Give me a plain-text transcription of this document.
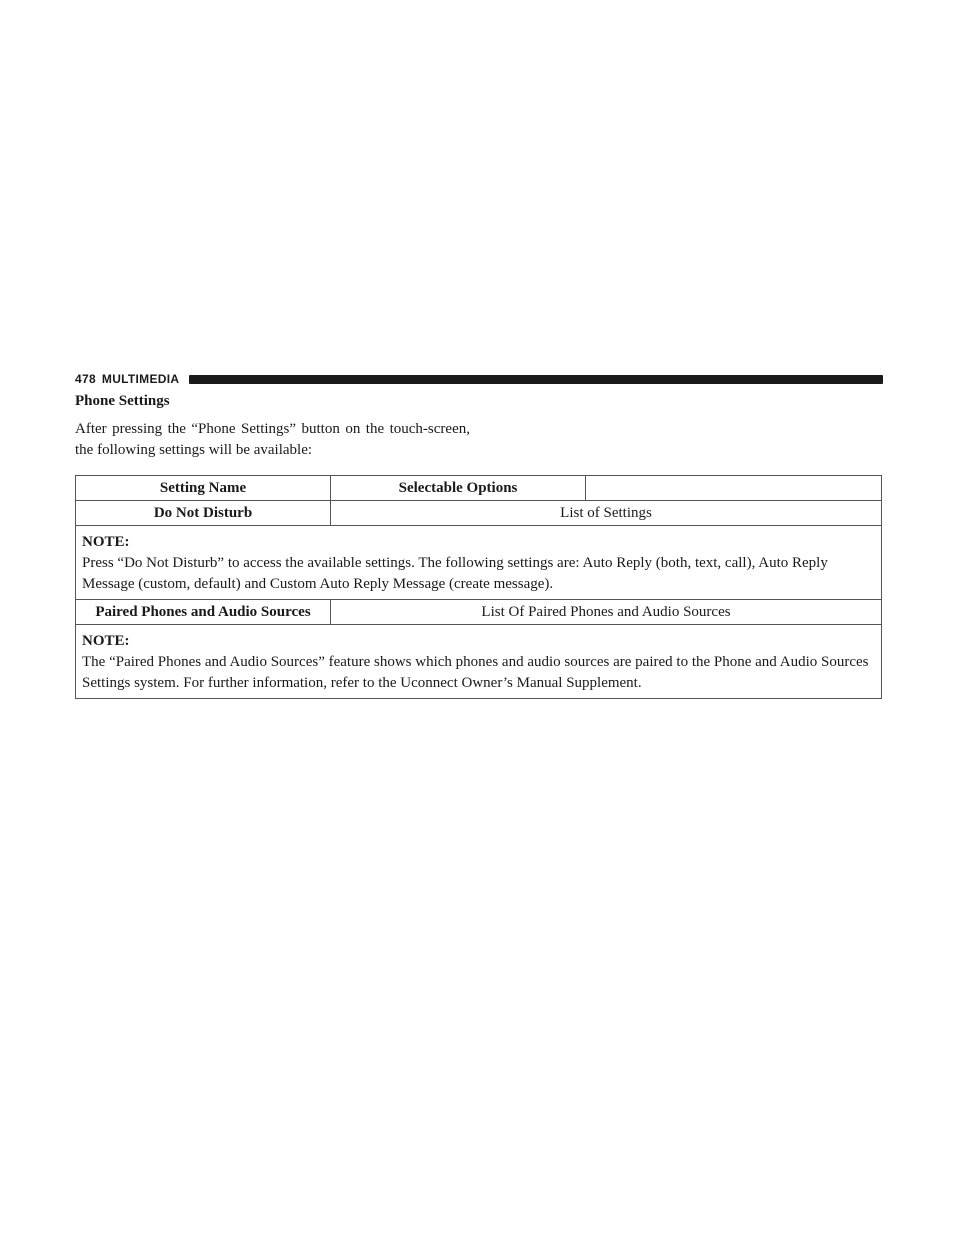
478 MULTIMEDIA
Phone Settings

After pressing the “Phone Settings” button on the touch-screen, the following settings will be available:

Setting Name	Selectable Options	
Do Not Disturb	List of Settings	

NOTE:
Press “Do Not Disturb” to access the available settings. The following settings are: Auto Reply (both, text, call), Auto Reply Message (custom, default) and Custom Auto Reply Message (create message).		
Paired Phones and Audio Sources	List Of Paired Phones and Audio Sources	

NOTE:
The “Paired Phones and Audio Sources” feature shows which phones and audio sources are paired to the Phone and Audio Sources Settings system. For further information, refer to the Uconnect Owner’s Manual Supplement.		
